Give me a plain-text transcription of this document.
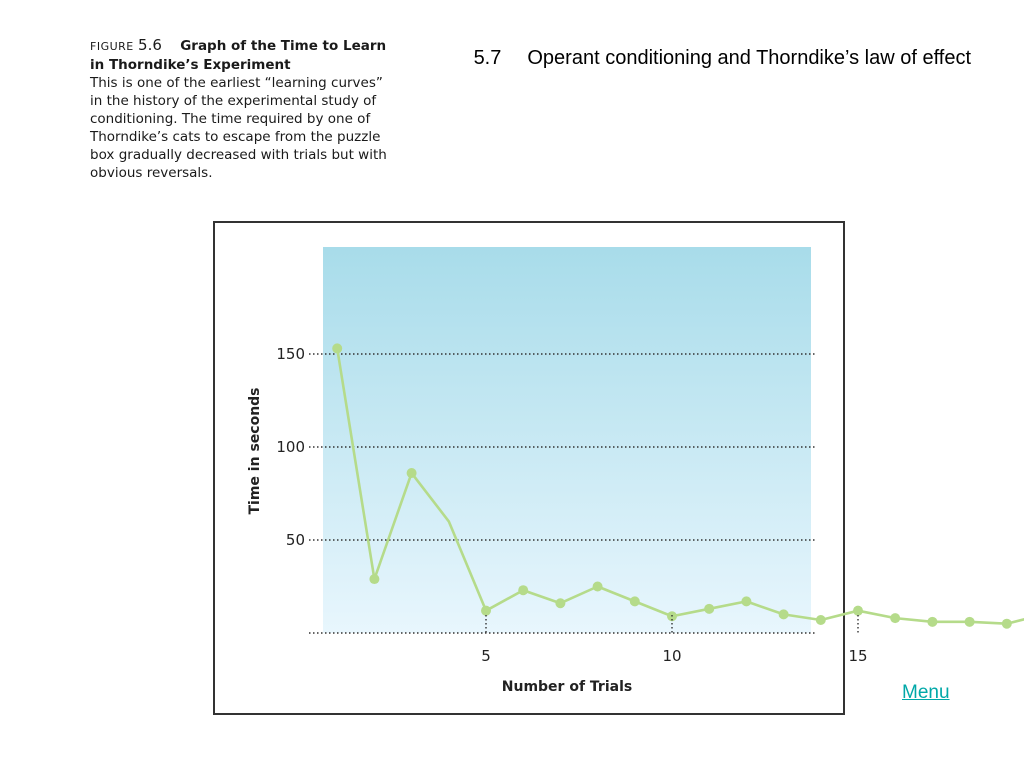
FIGURE 5.6 Graph of the Time to Learn in Thorndike’s Experiment
This is one of the earliest “learning curves” in the history of the experimental study of conditioning. The time required by one of Thorndike’s cats to escape from the puzzle box gradually decreased with trials but with obvious reversals.
5.7 Operant conditioning and Thorndike’s law of effect
50
100
150
5	10	15
Number of Trials
Time in seconds
Menu
